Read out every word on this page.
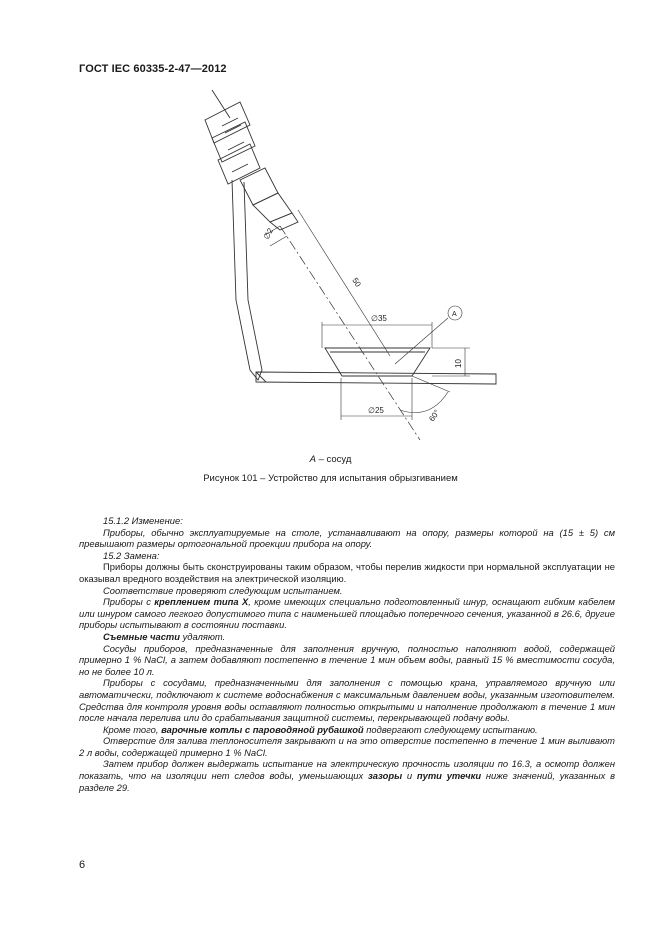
ГОСТ IEC 60335-2-47—2012
∅2
50
∅35
10
∅25	60°
A
A – сосуд
Рисунок 101 – Устройство для испытания обрызгиванием

15.1.2 Изменение:

Приборы, обычно эксплуатируемые на столе, устанавливают на опору, размеры которой на (15 ± 5) см превышают размеры ортогональной проекции прибора на опору.

15.2 Замена:

Приборы должны быть сконструированы таким образом, чтобы перелив жидкости при нормальной эксплуатации не оказывал вредного воздействия на электрической изоляцию.

Соответствие проверяют следующим испытанием.

Приборы с креплением типа X, кроме имеющих специально подготовленный шнур, оснащают гибким кабелем или шнуром самого легкого допустимого типа с наименьшей площадью поперечного сечения, указанной в 26.6, другие приборы испытывают в состоянии поставки.

Съемные части удаляют.

Сосуды приборов, предназначенные для заполнения вручную, полностью наполняют водой, содержащей примерно 1 % NaCl, а затем добавляют постепенно в течение 1 мин объем воды, равный 15 % вместимости сосуда, но не более 10 л.

Приборы с сосудами, предназначенными для заполнения с помощью крана, управляемого вручную или автоматически, подключают к системе водоснабжения с максимальным давлением воды, указанным изготовителем. Средства для контроля уровня воды оставляют полностью открытыми и наполнение продолжают в течение 1 мин после начала перелива или до срабатывания защитной системы, перекрывающей подачу воды.

Кроме того, варочные котлы с пароводяной рубашкой подвергают следующему испытанию.

Отверстие для залива теплоносителя закрывают и на это отверстие постепенно в течение 1 мин выливают 2 л воды, содержащей примерно 1 % NaCl.

Затем прибор должен выдержать испытание на электрическую прочность изоляции по 16.3, а осмотр должен показать, что на изоляции нет следов воды, уменьшающих зазоры и пути утечки ниже значений, указанных в разделе 29.

6
